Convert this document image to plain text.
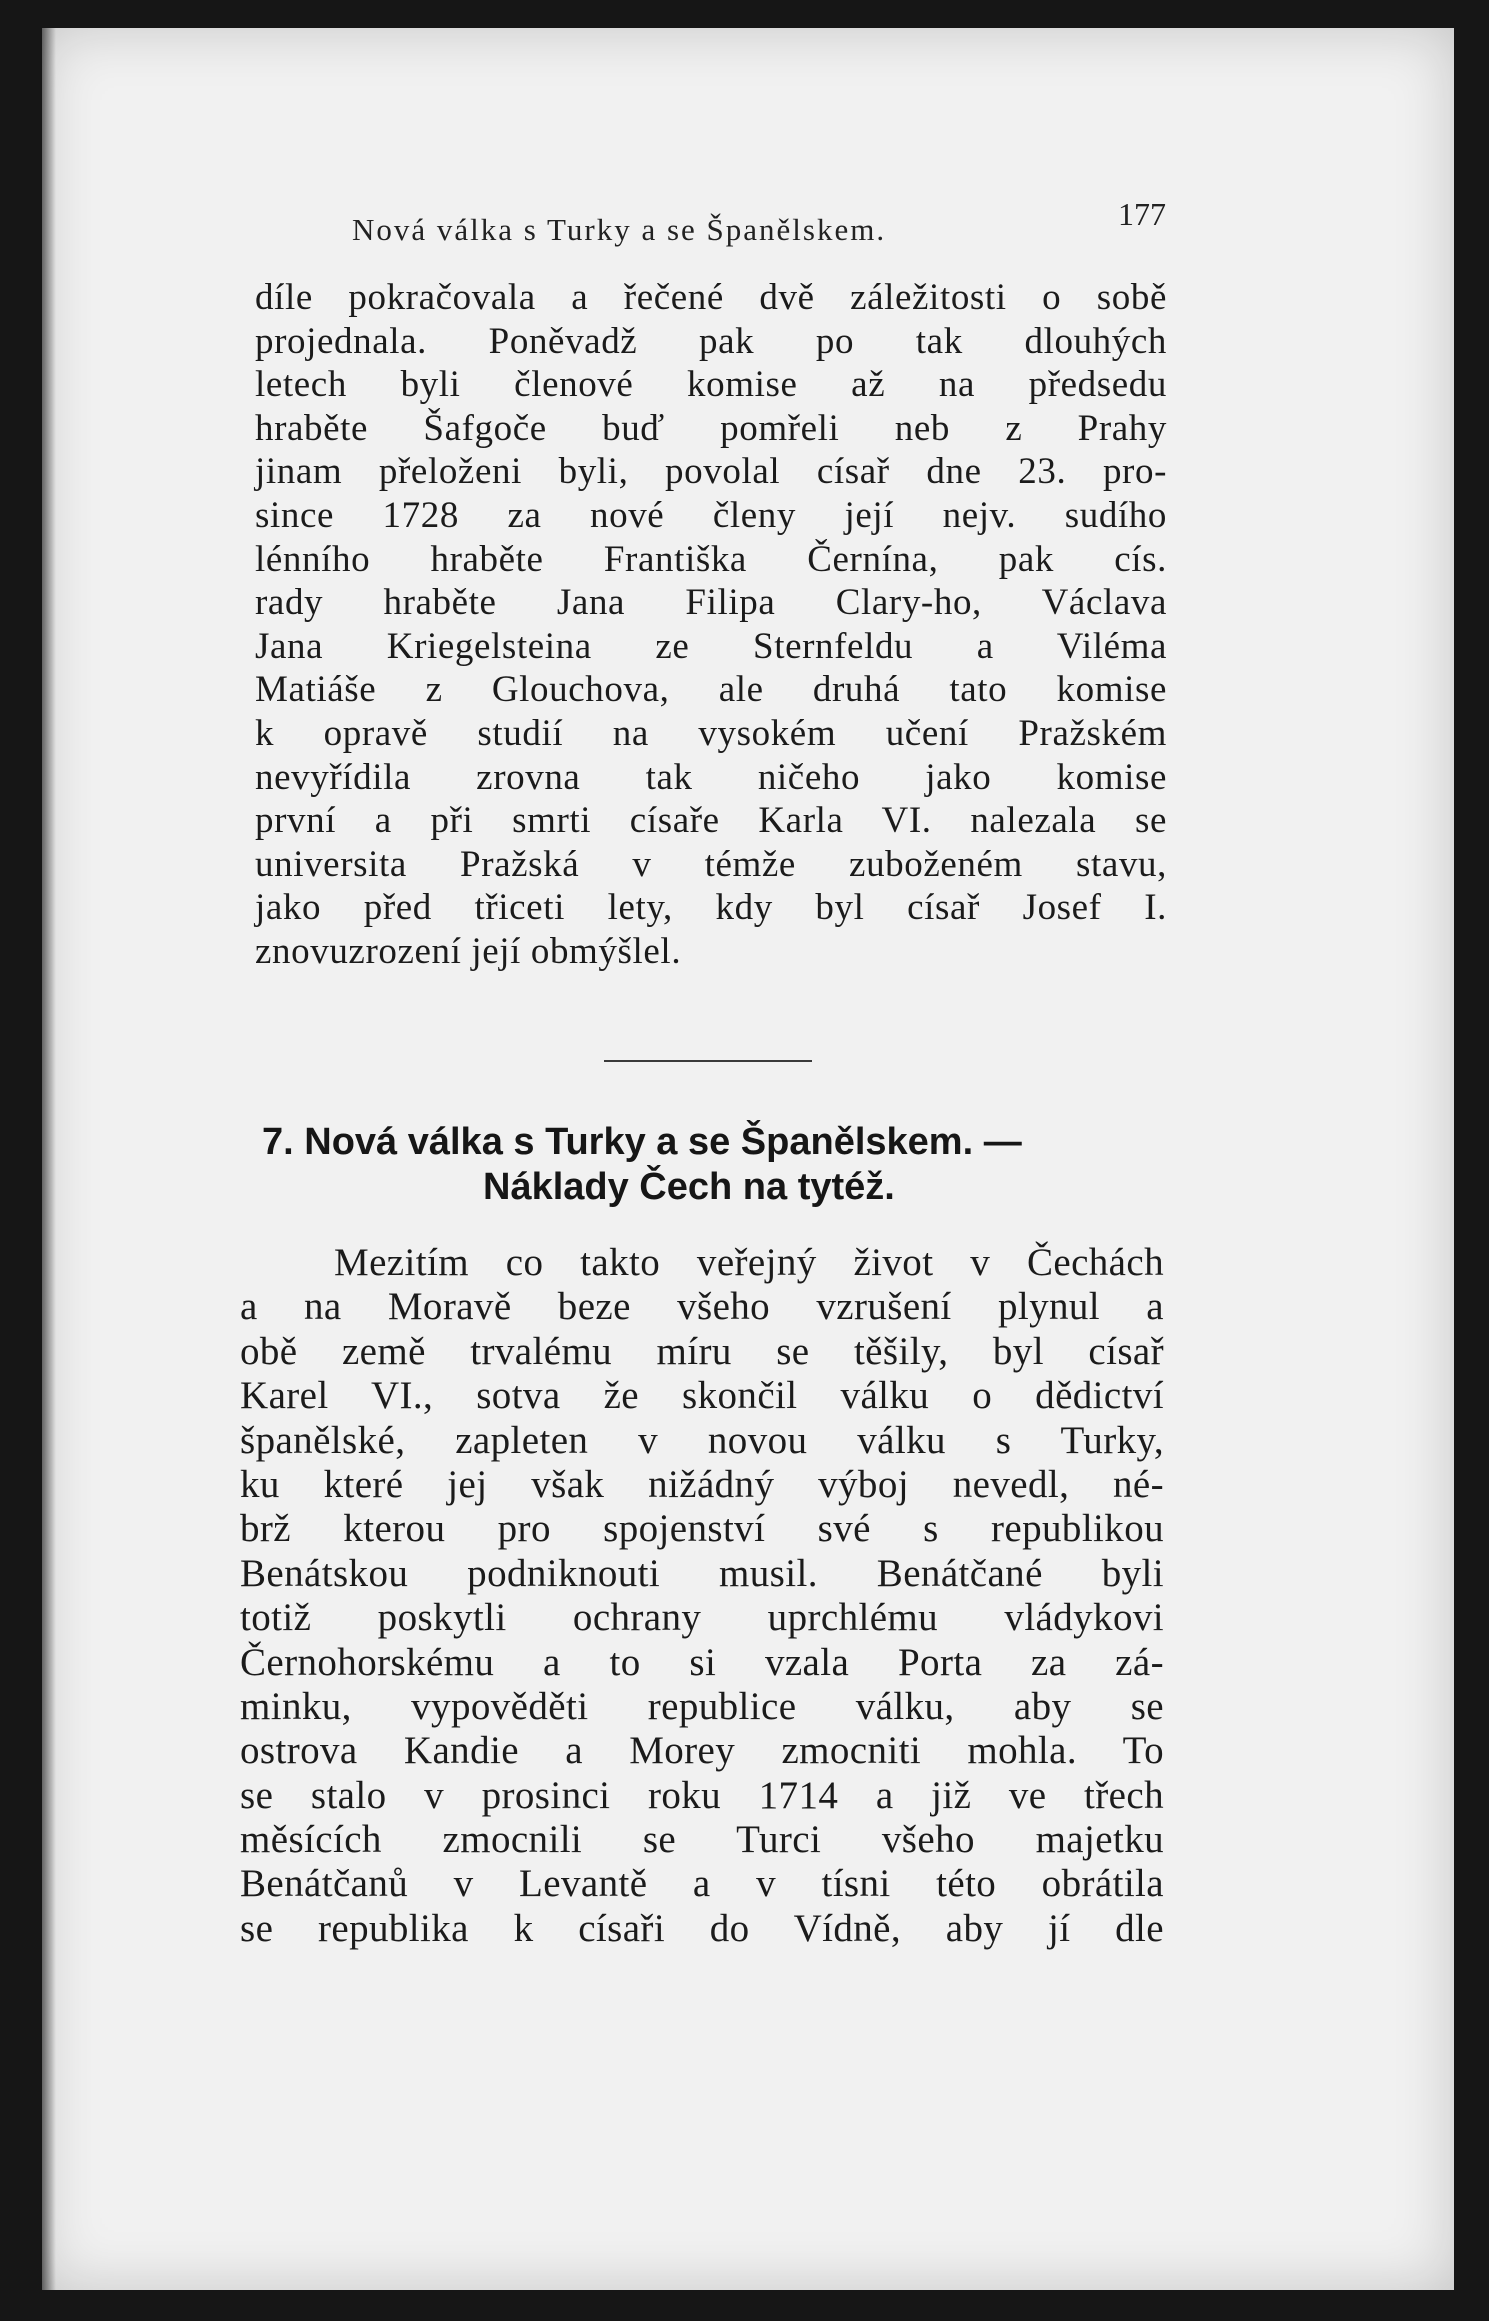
Nová válka s Turky a se Španělskem.	177
díle pokračovala a řečené dvě záležitosti o sobě
projednala. Poněvadž pak po tak dlouhých
letech byli členové komise až na předsedu
hraběte Šafgoče buď pomřeli neb z Prahy
jinam přeloženi byli, povolal císař dne 23. pro-
since 1728 za nové členy její nejv. sudího
lénního hraběte Františka Černína, pak cís.
rady hraběte Jana Filipa Clary-ho, Václava
Jana Kriegelsteina ze Sternfeldu a Viléma
Matiáše z Glouchova, ale druhá tato komise
k opravě studií na vysokém učení Pražském
nevyřídila zrovna tak ničeho jako komise
první a při smrti císaře Karla VI. nalezala se
universita Pražská v témže zuboženém stavu,
jako před třiceti lety, kdy byl císař Josef I.
znovuzrození její obmýšlel.
7. Nová válka s Turky a se Španělskem. —
Náklady Čech na tytéž.
Mezitím co takto veřejný život v Čechách
a na Moravě beze všeho vzrušení plynul a
obě země trvalému míru se těšily, byl císař
Karel VI., sotva že skončil válku o dědictví
španělské, zapleten v novou válku s Turky,
ku které jej však nižádný výboj nevedl, né-
brž kterou pro spojenství své s republikou
Benátskou podniknouti musil. Benátčané byli
totiž poskytli ochrany uprchlému vládykovi
Černohorskému a to si vzala Porta za zá-
minku, vypověděti republice válku, aby se
ostrova Kandie a Morey zmocniti mohla. To
se stalo v prosinci roku 1714 a již ve třech
měsících zmocnili se Turci všeho majetku
Benátčanů v Levantě a v tísni této obrátila
se republika k císaři do Vídně, aby jí dle
